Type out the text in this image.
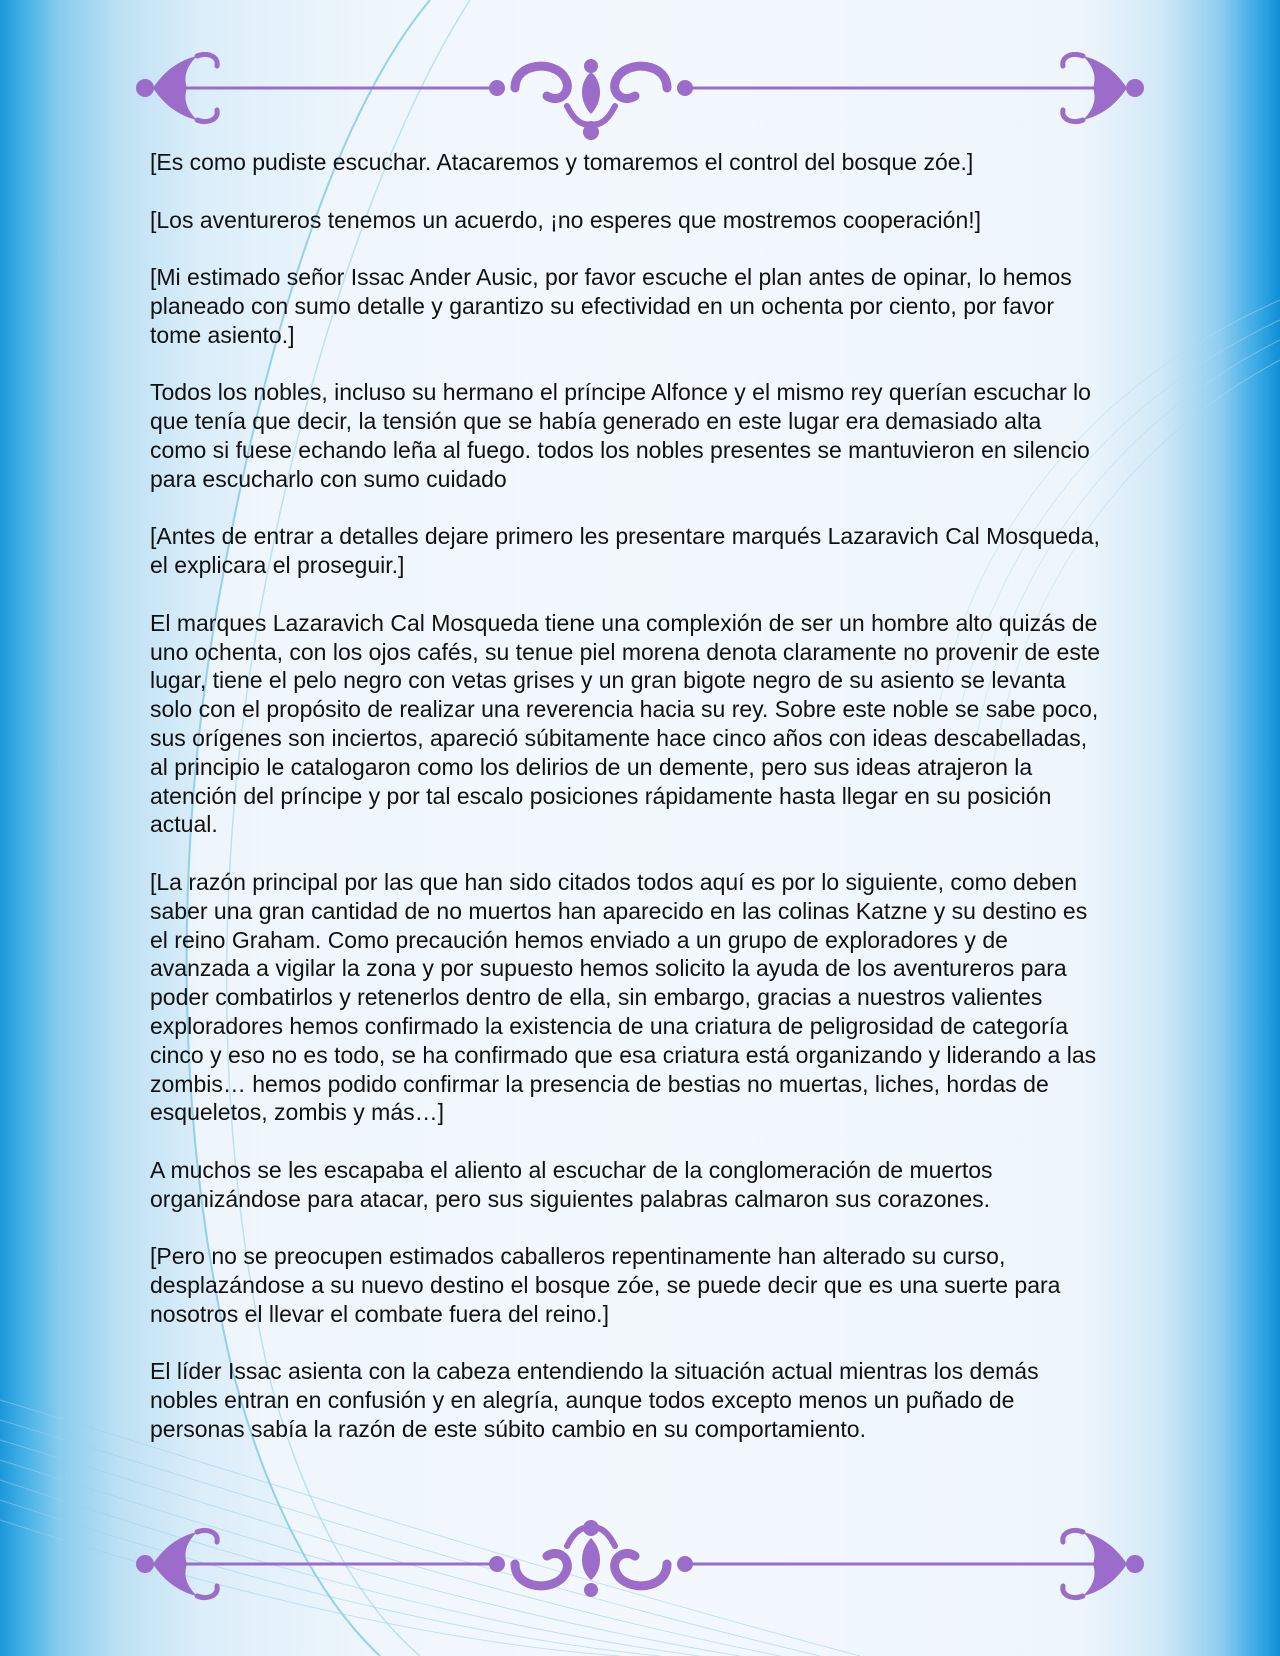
[Es como pudiste escuchar. Atacaremos y tomaremos el control del bosque zóe.]

[Los aventureros tenemos un acuerdo, ¡no esperes que mostremos cooperación!]

[Mi estimado señor Issac Ander Ausic, por favor escuche el plan antes de opinar, lo hemos planeado con sumo detalle y garantizo su efectividad en un ochenta por ciento, por favor tome asiento.]

Todos los nobles, incluso su hermano el príncipe Alfonce y el mismo rey querían escuchar lo que tenía que decir, la tensión que se había generado en este lugar era demasiado alta como si fuese echando leña al fuego. todos los nobles presentes se mantuvieron en silencio para escucharlo con sumo cuidado

[Antes de entrar a detalles dejare primero les presentare marqués Lazaravich Cal Mosqueda, el explicara el proseguir.]

El marques Lazaravich Cal Mosqueda tiene una complexión de ser un hombre alto quizás de uno ochenta, con los ojos cafés, su tenue piel morena denota claramente no provenir de este lugar, tiene el pelo negro con vetas grises y un gran bigote negro de su asiento se levanta solo con el propósito de realizar una reverencia hacia su rey. Sobre este noble se sabe poco, sus orígenes son inciertos, apareció súbitamente hace cinco años con ideas descabelladas, al principio le catalogaron como los delirios de un demente, pero sus ideas atrajeron la atención del príncipe y por tal escalo posiciones rápidamente hasta llegar en su posición actual.

[La razón principal por las que han sido citados todos aquí es por lo siguiente, como deben saber una gran cantidad de no muertos han aparecido en las colinas Katzne y su destino es el reino Graham. Como precaución hemos enviado a un grupo de exploradores y de avanzada a vigilar la zona y por supuesto hemos solicito la ayuda de los aventureros para poder combatirlos y retenerlos dentro de ella, sin embargo, gracias a nuestros valientes exploradores hemos confirmado la existencia de una criatura de peligrosidad de categoría cinco y eso no es todo, se ha confirmado que esa criatura está organizando y liderando a las zombis… hemos podido confirmar la presencia de bestias no muertas, liches, hordas de esqueletos, zombis y más…]

A muchos se les escapaba el aliento al escuchar de la conglomeración de muertos organizándose para atacar, pero sus siguientes palabras calmaron sus corazones.

[Pero no se preocupen estimados caballeros repentinamente han alterado su curso, desplazándose a su nuevo destino el bosque zóe, se puede decir que es una suerte para nosotros el llevar el combate fuera del reino.]

El líder Issac asienta con la cabeza entendiendo la situación actual mientras los demás nobles entran en confusión y en alegría, aunque todos excepto menos un puñado de personas sabía la razón de este súbito cambio en su comportamiento.
